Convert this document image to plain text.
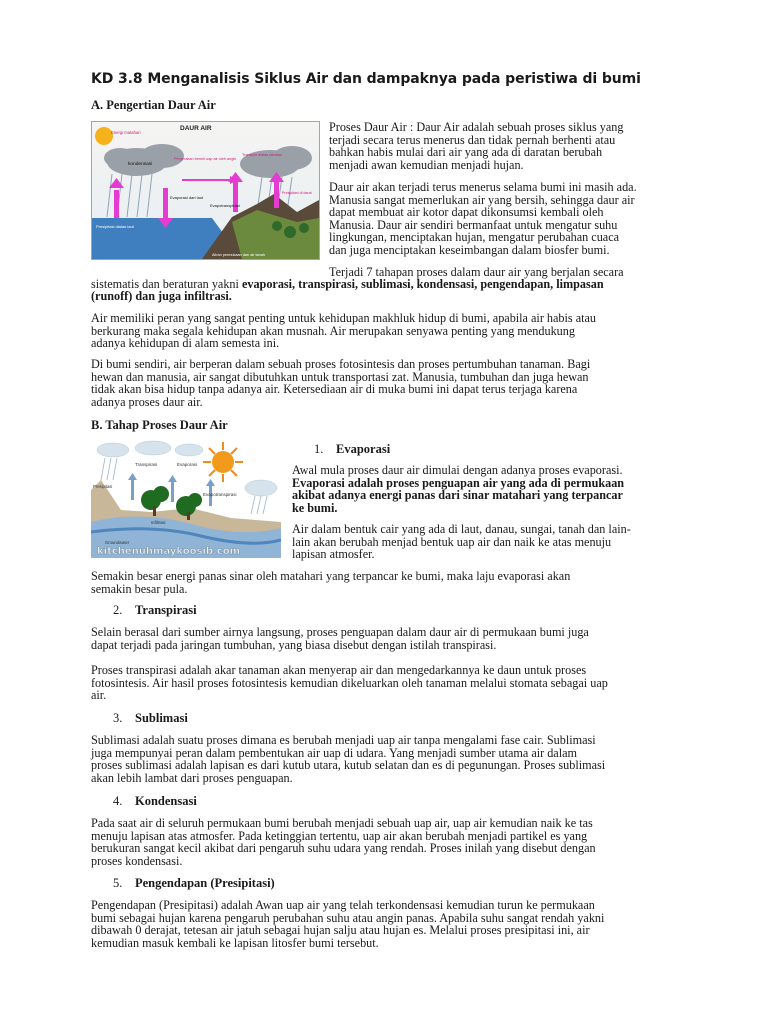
KD 3.8 Menganalisis Siklus Air dan dampaknya pada peristiwa di bumi
A. Pengertian Daur Air
DAUR AIR
Energi matahari
kondensasi
Pergerakan bersih uap air oleh angin
Transpor diatas daratan
Evaporasi dari laut
Evapotranspirasi
Presipitasi di darat
Presipitasi diatas laut
Aliran permukaan dan air tanah
Proses Daur Air : Daur Air adalah sebuah proses siklus yang
terjadi secara terus menerus dan tidak pernah berhenti atau
bahkan habis mulai dari air yang ada di daratan berubah
menjadi awan kemudian menjadi hujan.
Daur air akan terjadi terus menerus selama bumi ini masih ada.
Manusia sangat memerlukan air yang bersih, sehingga daur air
dapat membuat air kotor dapat dikonsumsi kembali oleh
Manusia. Daur air sendiri bermanfaat untuk mengatur suhu
lingkungan, menciptakan hujan, mengatur perubahan cuaca
dan juga menciptakan keseimbangan dalam biosfer bumi.
Terjadi 7 tahapan proses dalam daur air yang berjalan secara
sistematis dan beraturan yakni evaporasi, transpirasi, sublimasi, kondensasi, pengendapan, limpasan
(runoff) dan juga infiltrasi.
Air memiliki peran yang sangat penting untuk kehidupan makhluk hidup di bumi, apabila air habis atau
berkurang maka segala kehidupan akan musnah. Air merupakan senyawa penting yang mendukung
adanya kehidupan di alam semesta ini.
Di bumi sendiri, air berperan dalam sebuah proses fotosintesis dan proses pertumbuhan tanaman. Bagi
hewan dan manusia, air sangat dibutuhkan untuk transportasi zat. Manusia, tumbuhan dan juga hewan
tidak akan bisa hidup tanpa adanya air. Ketersediaan air di muka bumi ini dapat terus terjaga karena
adanya proses daur air.
B. Tahap Proses Daur Air
Transpirasi	Evaporasi
Evapotranspirasi
Infiltrasi
Presipitasi
Groundwater
kitchenuhmaykoosib.com
1. Evaporasi
Awal mula proses daur air dimulai dengan adanya proses evaporasi.
Evaporasi adalah proses penguapan air yang ada di permukaan
akibat adanya energi panas dari sinar matahari yang terpancar
ke bumi.
Air dalam bentuk cair yang ada di laut, danau, sungai, tanah dan lain-
lain akan berubah menjad bentuk uap air dan naik ke atas menuju
lapisan atmosfer.
Semakin besar energi panas sinar oleh matahari yang terpancar ke bumi, maka laju evaporasi akan
semakin besar pula.
2. Transpirasi
Selain berasal dari sumber airnya langsung, proses penguapan dalam daur air di permukaan bumi juga
dapat terjadi pada jaringan tumbuhan, yang biasa disebut dengan istilah transpirasi.
Proses transpirasi adalah akar tanaman akan menyerap air dan mengedarkannya ke daun untuk proses
fotosintesis. Air hasil proses fotosintesis kemudian dikeluarkan oleh tanaman melalui stomata sebagai uap
air.
3. Sublimasi
Sublimasi adalah suatu proses dimana es berubah menjadi uap air tanpa mengalami fase cair. Sublimasi
juga mempunyai peran dalam pembentukan air uap di udara. Yang menjadi sumber utama air dalam
proses sublimasi adalah lapisan es dari kutub utara, kutub selatan dan es di pegunungan. Proses sublimasi
akan lebih lambat dari proses penguapan.
4. Kondensasi
Pada saat air di seluruh permukaan bumi berubah menjadi sebuah uap air, uap air kemudian naik ke tas
menuju lapisan atas atmosfer. Pada ketinggian tertentu, uap air akan berubah menjadi partikel es yang
berukuran sangat kecil akibat dari pengaruh suhu udara yang rendah. Proses inilah yang disebut dengan
proses kondensasi.
5. Pengendapan (Presipitasi)
Pengendapan (Presipitasi) adalah Awan uap air yang telah terkondensasi kemudian turun ke permukaan
bumi sebagai hujan karena pengaruh perubahan suhu atau angin panas. Apabila suhu sangat rendah yakni
dibawah 0 derajat, tetesan air jatuh sebagai hujan salju atau hujan es. Melalui proses presipitasi ini, air
kemudian masuk kembali ke lapisan litosfer bumi tersebut.
